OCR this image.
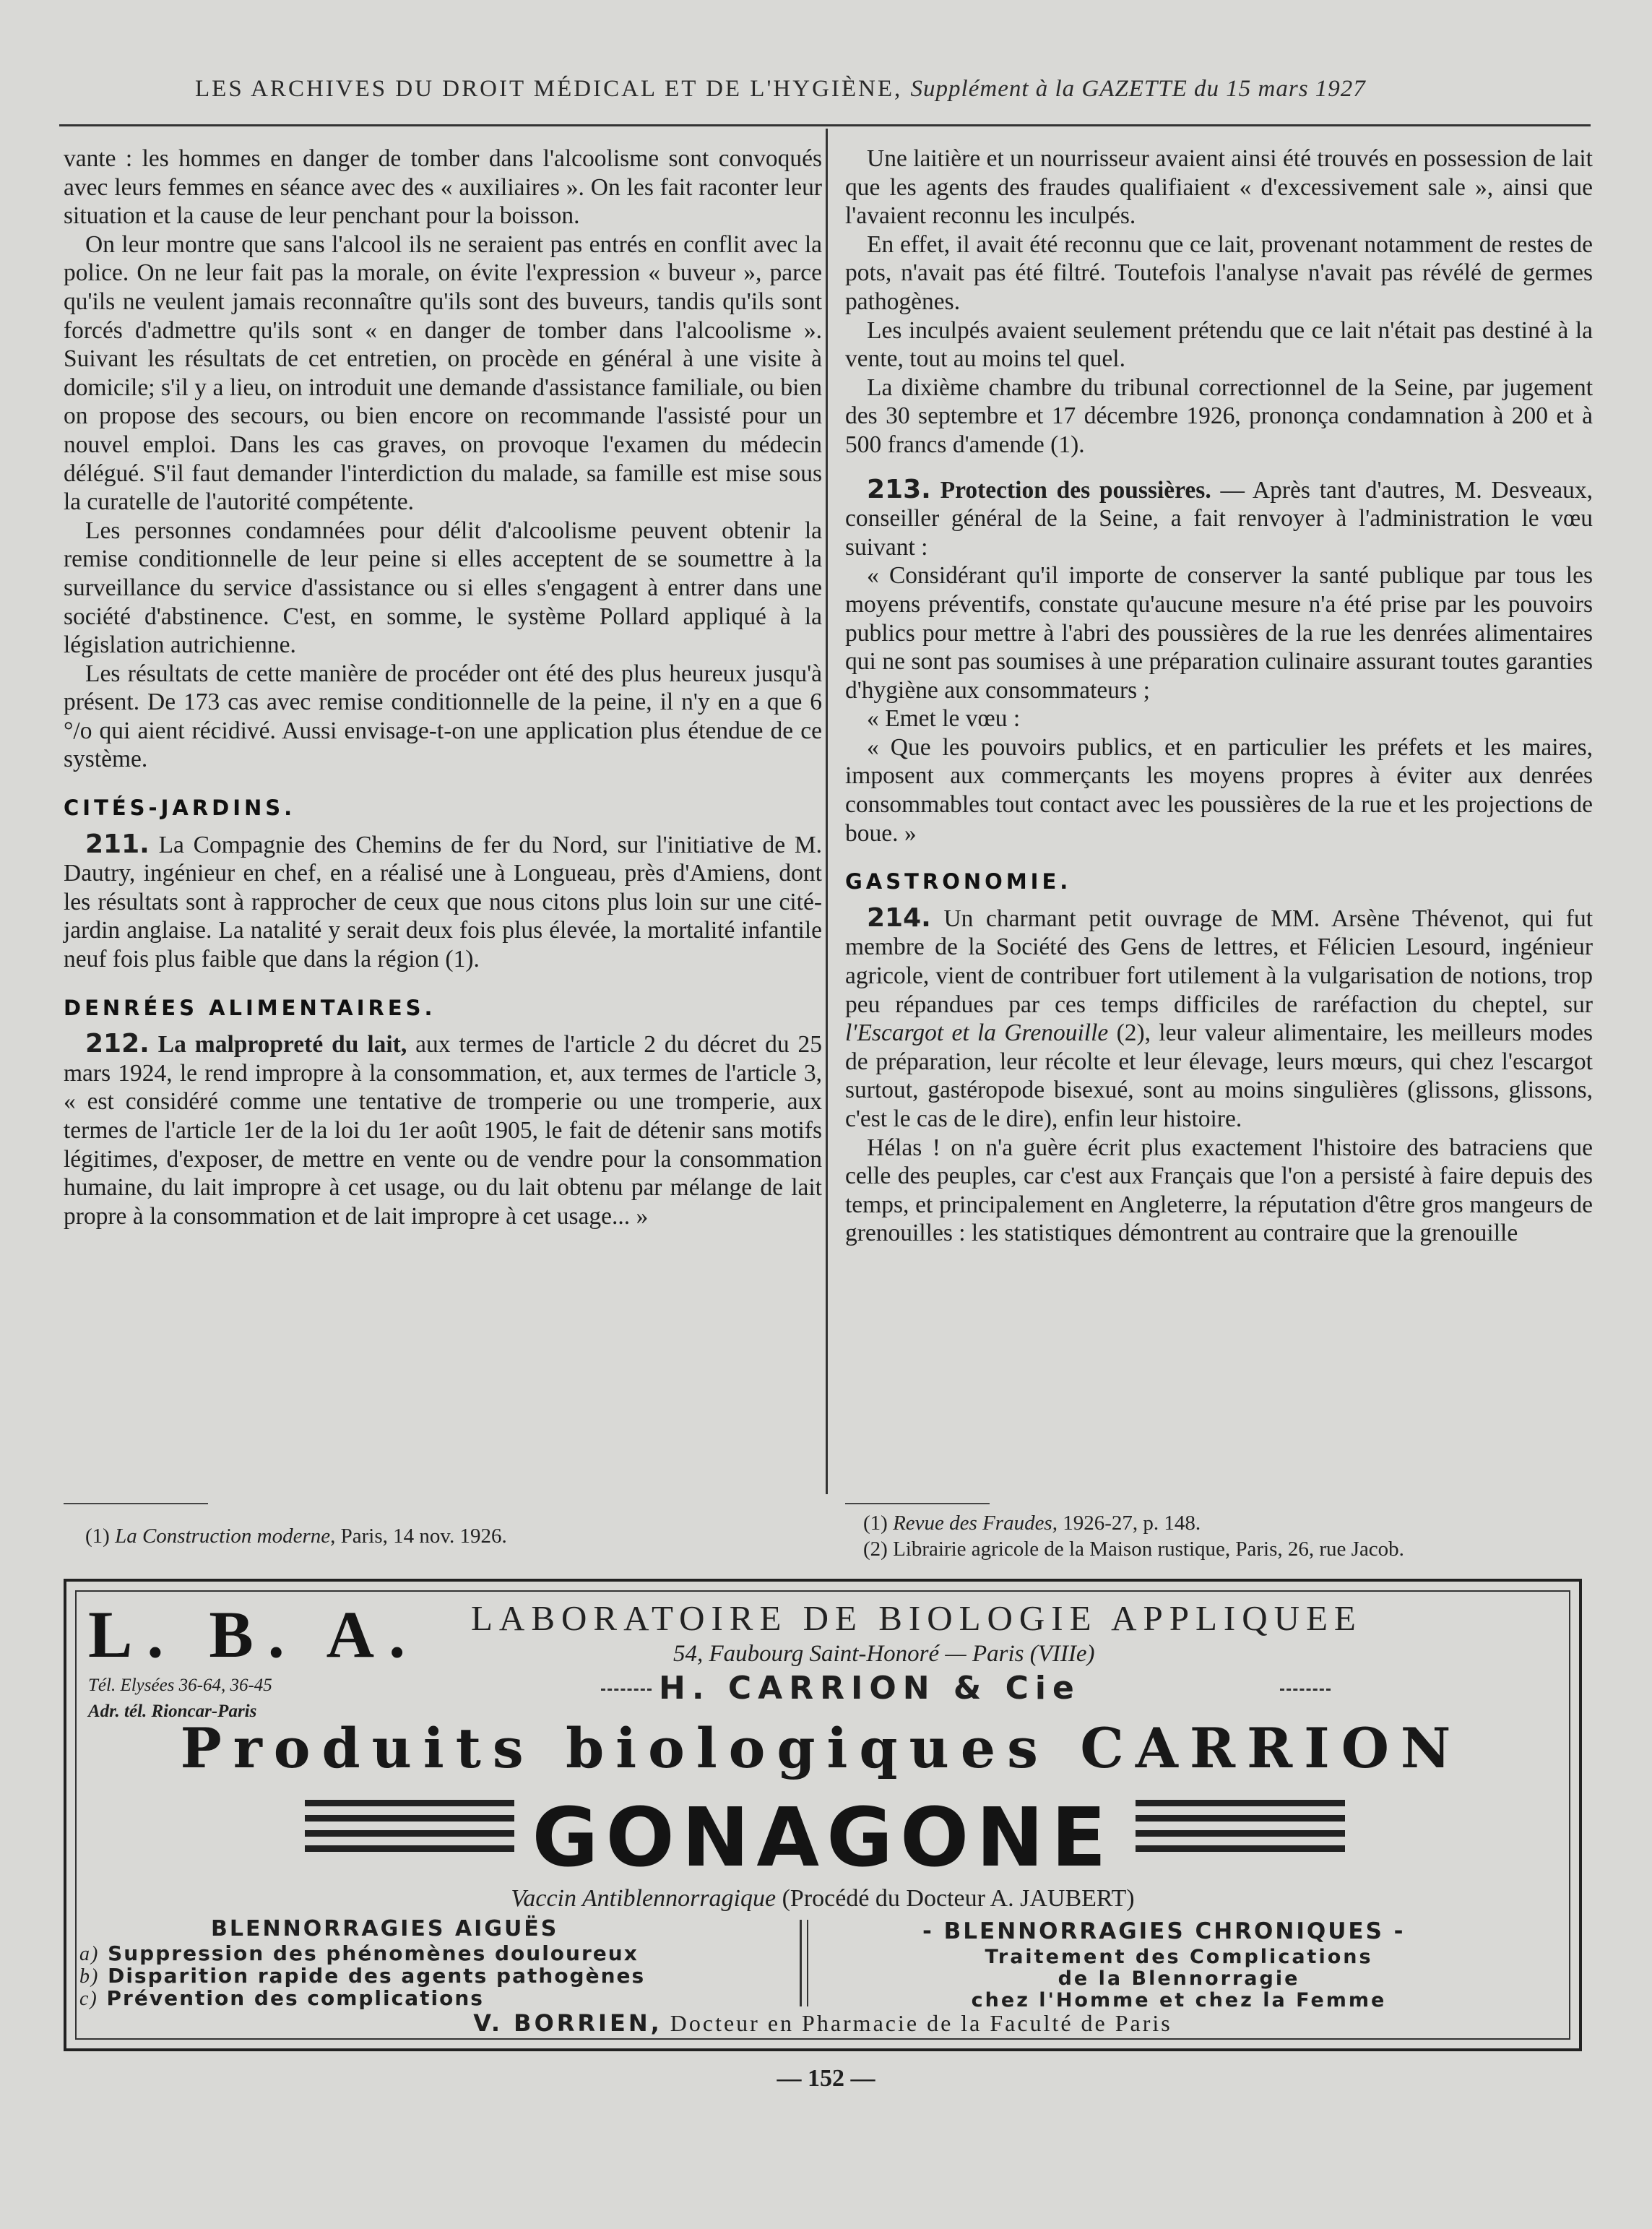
LES ARCHIVES DU DROIT MÉDICAL ET DE L'HYGIÈNE, Supplément à la GAZETTE du 15 mars 1927

vante : les hommes en danger de tomber dans l'alcoolisme sont convoqués avec leurs femmes en séance avec des « auxiliaires ». On les fait raconter leur situation et la cause de leur penchant pour la boisson.

On leur montre que sans l'alcool ils ne seraient pas entrés en conflit avec la police. On ne leur fait pas la morale, on évite l'expression « buveur », parce qu'ils ne veulent jamais reconnaître qu'ils sont des buveurs, tandis qu'ils sont forcés d'admettre qu'ils sont « en danger de tomber dans l'alcoolisme ». Suivant les résultats de cet entretien, on procède en général à une visite à domicile; s'il y a lieu, on introduit une demande d'assistance familiale, ou bien on propose des secours, ou bien encore on recommande l'assisté pour un nouvel emploi. Dans les cas graves, on provoque l'examen du médecin délégué. S'il faut demander l'interdiction du malade, sa famille est mise sous la curatelle de l'autorité compétente.

Les personnes condamnées pour délit d'alcoolisme peuvent obtenir la remise conditionnelle de leur peine si elles acceptent de se soumettre à la surveillance du service d'assistance ou si elles s'engagent à entrer dans une société d'abstinence. C'est, en somme, le système Pollard appliqué à la législation autrichienne.

Les résultats de cette manière de procéder ont été des plus heureux jusqu'à présent. De 173 cas avec remise conditionnelle de la peine, il n'y en a que 6 °/o qui aient récidivé. Aussi envisage-t-on une application plus étendue de ce système.

CITÉS-JARDINS.

211. La Compagnie des Chemins de fer du Nord, sur l'initiative de M. Dautry, ingénieur en chef, en a réalisé une à Longueau, près d'Amiens, dont les résultats sont à rapprocher de ceux que nous citons plus loin sur une cité-jardin anglaise. La natalité y serait deux fois plus élevée, la mortalité infantile neuf fois plus faible que dans la région (1).

DENRÉES ALIMENTAIRES.

212. La malpropreté du lait, aux termes de l'article 2 du décret du 25 mars 1924, le rend impropre à la consommation, et, aux termes de l'article 3, « est considéré comme une tentative de tromperie ou une tromperie, aux termes de l'article 1er de la loi du 1er août 1905, le fait de détenir sans motifs légitimes, d'exposer, de mettre en vente ou de vendre pour la consommation humaine, du lait impropre à cet usage, ou du lait obtenu par mélange de lait propre à la consommation et de lait impropre à cet usage... »

(1) La Construction moderne, Paris, 14 nov. 1926.

Une laitière et un nourrisseur avaient ainsi été trouvés en possession de lait que les agents des fraudes qualifiaient « d'excessivement sale », ainsi que l'avaient reconnu les inculpés.

En effet, il avait été reconnu que ce lait, provenant notamment de restes de pots, n'avait pas été filtré. Toutefois l'analyse n'avait pas révélé de germes pathogènes.

Les inculpés avaient seulement prétendu que ce lait n'était pas destiné à la vente, tout au moins tel quel.

La dixième chambre du tribunal correctionnel de la Seine, par jugement des 30 septembre et 17 décembre 1926, prononça condamnation à 200 et à 500 francs d'amende (1).

213. Protection des poussières. — Après tant d'autres, M. Desveaux, conseiller général de la Seine, a fait renvoyer à l'administration le vœu suivant :

« Considérant qu'il importe de conserver la santé publique par tous les moyens préventifs, constate qu'aucune mesure n'a été prise par les pouvoirs publics pour mettre à l'abri des poussières de la rue les denrées alimentaires qui ne sont pas soumises à une préparation culinaire assurant toutes garanties d'hygiène aux consommateurs ;

« Emet le vœu :

« Que les pouvoirs publics, et en particulier les préfets et les maires, imposent aux commerçants les moyens propres à éviter aux denrées consommables tout contact avec les poussières de la rue et les projections de boue. »

GASTRONOMIE.

214. Un charmant petit ouvrage de MM. Arsène Thévenot, qui fut membre de la Société des Gens de lettres, et Félicien Lesourd, ingénieur agricole, vient de contribuer fort utilement à la vulgarisation de notions, trop peu répandues par ces temps difficiles de raréfaction du cheptel, sur l'Escargot et la Grenouille (2), leur valeur alimentaire, les meilleurs modes de préparation, leur récolte et leur élevage, leurs mœurs, qui chez l'escargot surtout, gastéropode bisexué, sont au moins singulières (glissons, glissons, c'est le cas de le dire), enfin leur histoire.

Hélas ! on n'a guère écrit plus exactement l'histoire des batraciens que celle des peuples, car c'est aux Français que l'on a persisté à faire depuis des temps, et principalement en Angleterre, la réputation d'être gros mangeurs de grenouilles : les statistiques démontrent au contraire que la grenouille

(1) Revue des Fraudes, 1926-27, p. 148.
(2) Librairie agricole de la Maison rustique, Paris, 26, rue Jacob.
L. B. A.
Tél. Elysées 36-64, 36-45
Adr. tél. Rioncar-Paris
LABORATOIRE DE BIOLOGIE APPLIQUEE
54, Faubourg Saint-Honoré — Paris (VIIIe)
H. CARRION & Cie
Produits biologiques CARRION
GONAGONE
Vaccin Antiblennorragique (Procédé du Docteur A. JAUBERT)
BLENNORRAGIES AIGUËS
a) Suppression des phénomènes douloureux
b) Disparition rapide des agents pathogènes
c) Prévention des complications
- BLENNORRAGIES CHRONIQUES -
Traitement des Complications
de la Blennorragie
chez l'Homme et chez la Femme
V. BORRIEN, Docteur en Pharmacie de la Faculté de Paris
— 152 —
